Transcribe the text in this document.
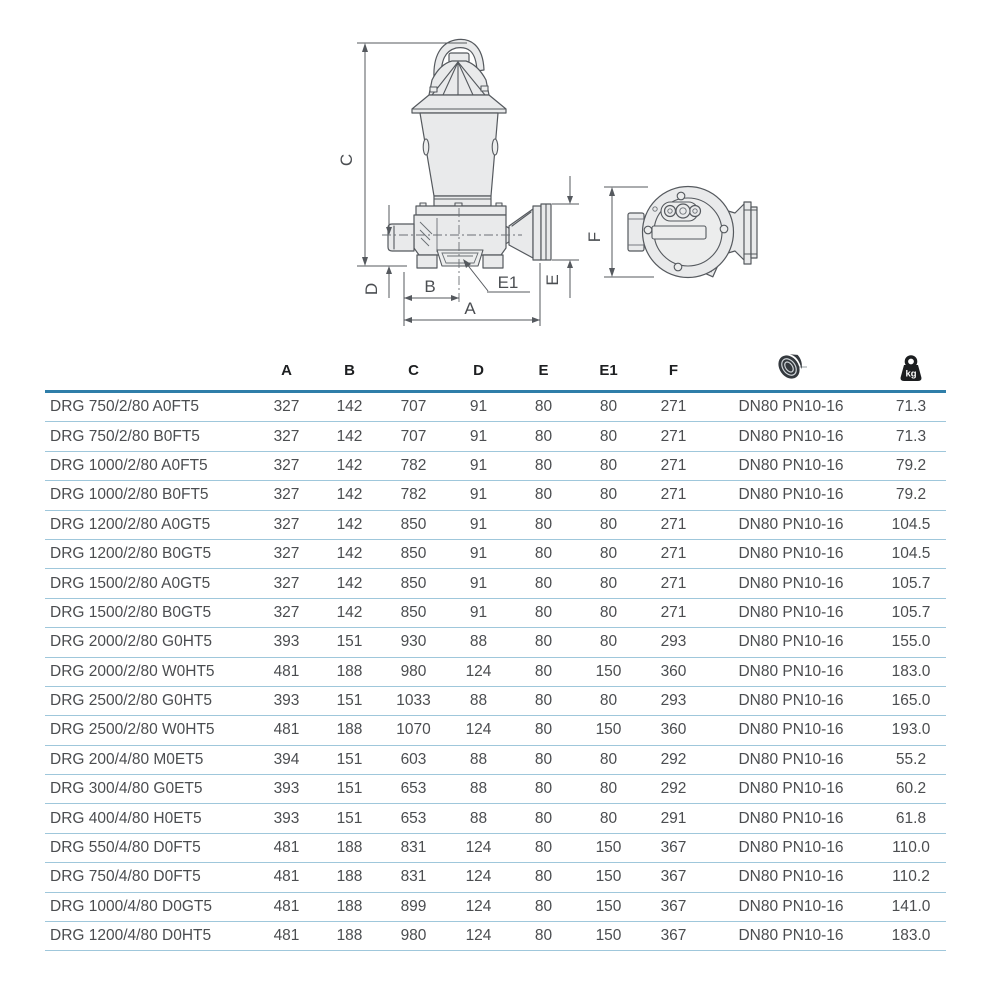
C
D	B
A
E
E1
F
	A	B	C	D	E	E1	F		kg

DRG 750/2/80 A0FT5	327	142	707	91	80	80	271	DN80 PN10-16	71.3
DRG 750/2/80 B0FT5	327	142	707	91	80	80	271	DN80 PN10-16	71.3
DRG 1000/2/80 A0FT5	327	142	782	91	80	80	271	DN80 PN10-16	79.2
DRG 1000/2/80 B0FT5	327	142	782	91	80	80	271	DN80 PN10-16	79.2
DRG 1200/2/80 A0GT5	327	142	850	91	80	80	271	DN80 PN10-16	104.5
DRG 1200/2/80 B0GT5	327	142	850	91	80	80	271	DN80 PN10-16	104.5
DRG 1500/2/80 A0GT5	327	142	850	91	80	80	271	DN80 PN10-16	105.7
DRG 1500/2/80 B0GT5	327	142	850	91	80	80	271	DN80 PN10-16	105.7
DRG 2000/2/80 G0HT5	393	151	930	88	80	80	293	DN80 PN10-16	155.0
DRG 2000/2/80 W0HT5	481	188	980	124	80	150	360	DN80 PN10-16	183.0
DRG 2500/2/80 G0HT5	393	151	1033	88	80	80	293	DN80 PN10-16	165.0
DRG 2500/2/80 W0HT5	481	188	1070	124	80	150	360	DN80 PN10-16	193.0
DRG 200/4/80 M0ET5	394	151	603	88	80	80	292	DN80 PN10-16	55.2
DRG 300/4/80 G0ET5	393	151	653	88	80	80	292	DN80 PN10-16	60.2
DRG 400/4/80 H0ET5	393	151	653	88	80	80	291	DN80 PN10-16	61.8
DRG 550/4/80 D0FT5	481	188	831	124	80	150	367	DN80 PN10-16	110.0
DRG 750/4/80 D0FT5	481	188	831	124	80	150	367	DN80 PN10-16	110.2
DRG 1000/4/80 D0GT5	481	188	899	124	80	150	367	DN80 PN10-16	141.0
DRG 1200/4/80 D0HT5	481	188	980	124	80	150	367	DN80 PN10-16	183.0
